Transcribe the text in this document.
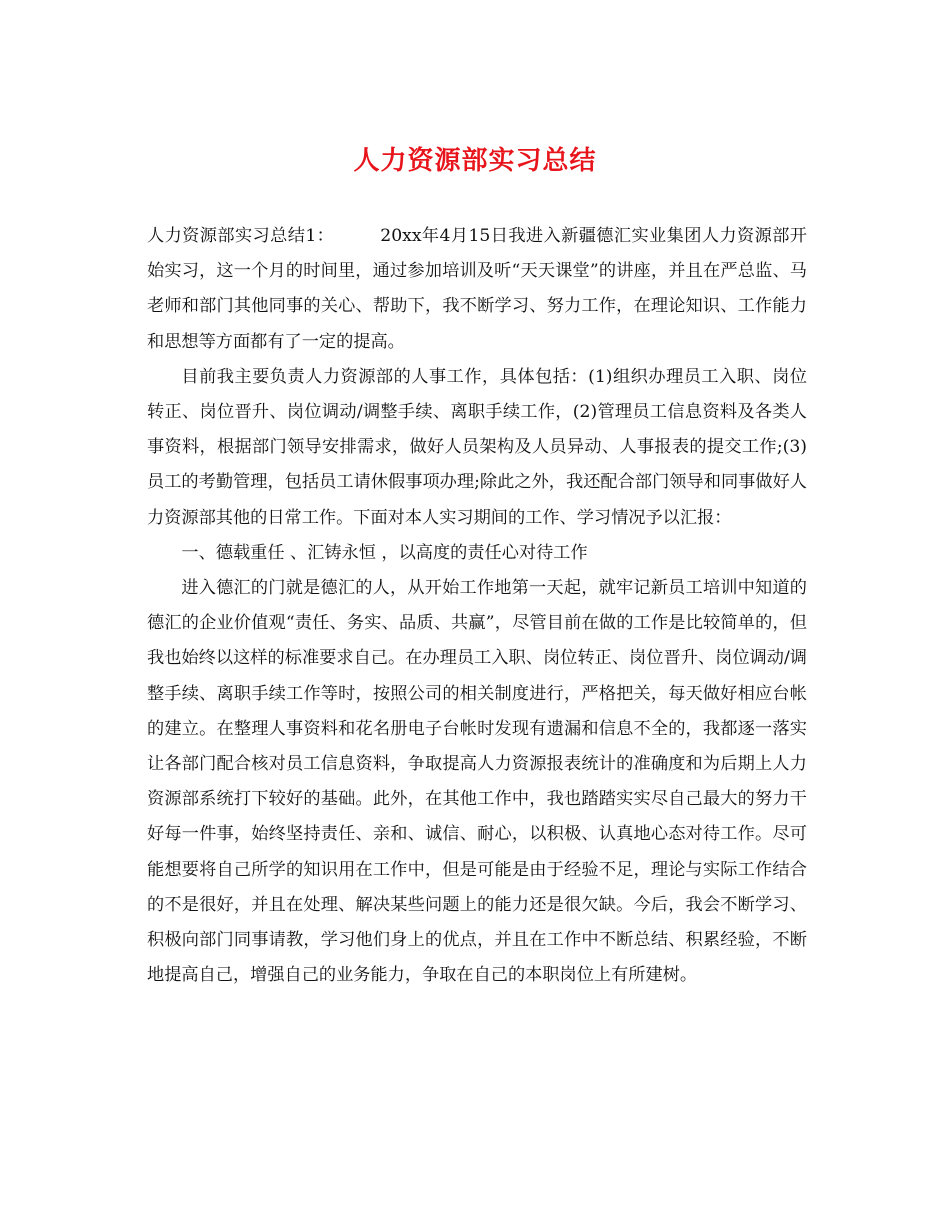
人力资源部实习总结

人力资源部实习总结1：	20xx年4月15日我进入新疆德汇实业集团人力资源部开始实习，这一个月的时间里，通过参加培训及听“天天课堂”的讲座，并且在严总监、马老师和部门其他同事的关心、帮助下，我不断学习、努力工作，在理论知识、工作能力和思想等方面都有了一定的提高。

目前我主要负责人力资源部的人事工作，具体包括：(1)组织办理员工入职、岗位转正、岗位晋升、岗位调动/调整手续、离职手续工作，(2)管理员工信息资料及各类人事资料，根据部门领导安排需求，做好人员架构及人员异动、人事报表的提交工作;(3)员工的考勤管理，包括员工请休假事项办理;除此之外，我还配合部门领导和同事做好人力资源部其他的日常工作。下面对本人实习期间的工作、学习情况予以汇报：

一、德载重任 、汇铸永恒 ，以高度的责任心对待工作

进入德汇的门就是德汇的人，从开始工作地第一天起，就牢记新员工培训中知道的德汇的企业价值观“责任、务实、品质、共赢”，尽管目前在做的工作是比较简单的，但我也始终以这样的标准要求自己。在办理员工入职、岗位转正、岗位晋升、岗位调动/调整手续、离职手续工作等时，按照公司的相关制度进行，严格把关，每天做好相应台帐的建立。在整理人事资料和花名册电子台帐时发现有遗漏和信息不全的，我都逐一落实让各部门配合核对员工信息资料，争取提高人力资源报表统计的准确度和为后期上人力资源部系统打下较好的基础。此外，在其他工作中，我也踏踏实实尽自己最大的努力干好每一件事，始终坚持责任、亲和、诚信、耐心，以积极、认真地心态对待工作。尽可能想要将自己所学的知识用在工作中，但是可能是由于经验不足，理论与实际工作结合的不是很好，并且在处理、解决某些问题上的能力还是很欠缺。今后，我会不断学习、积极向部门同事请教，学习他们身上的优点，并且在工作中不断总结、积累经验，不断地提高自己，增强自己的业务能力，争取在自己的本职岗位上有所建树。
